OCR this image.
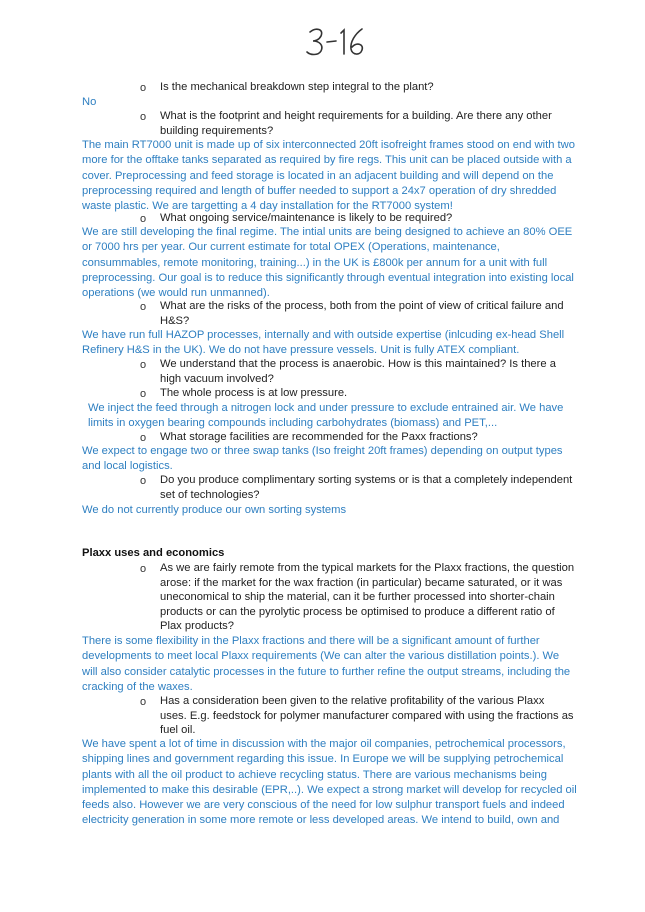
o Is the mechanical breakdown step integral to the plant?
No
o What is the footprint and height requirements for a building. Are there any other
building requirements?
The main RT7000 unit is made up of six interconnected 20ft isofreight frames stood on end with two
more for the offtake tanks separated as required by fire regs. This unit can be placed outside with a
cover. Preprocessing and feed storage is located in an adjacent building and will depend on the
preprocessing required and length of buffer needed to support a 24x7 operation of dry shredded
waste plastic. We are targetting a 4 day installation for the RT7000 system!
o What ongoing service/maintenance is likely to be required?
We are still developing the final regime. The intial units are being designed to achieve an 80% OEE
or 7000 hrs per year. Our current estimate for total OPEX (Operations, maintenance,
consummables, remote monitoring, training...) in the UK is £800k per annum for a unit with full
preprocessing. Our goal is to reduce this significantly through eventual integration into existing local
operations (we would run unmanned).
o What are the risks of the process, both from the point of view of critical failure and
H&S?
We have run full HAZOP processes, internally and with outside expertise (inlcuding ex-head Shell
Refinery H&S in the UK). We do not have pressure vessels. Unit is fully ATEX compliant.
o We understand that the process is anaerobic. How is this maintained? Is there a
high vacuum involved?
o The whole process is at low pressure.
We inject the feed through a nitrogen lock and under pressure to exclude entrained air. We have
limits in oxygen bearing compounds including carbohydrates (biomass) and PET,...
o What storage facilities are recommended for the Paxx fractions?
We expect to engage two or three swap tanks (Iso freight 20ft frames) depending on output types
and local logistics.
o Do you produce complimentary sorting systems or is that a completely independent
set of technologies?
We do not currently produce our own sorting systems
Plaxx uses and economics
o As we are fairly remote from the typical markets for the Plaxx fractions, the question
arose: if the market for the wax fraction (in particular) became saturated, or it was
uneconomical to ship the material, can it be further processed into shorter-chain
products or can the pyrolytic process be optimised to produce a different ratio of
Plax products?
There is some flexibility in the Plaxx fractions and there will be a significant amount of further
developments to meet local Plaxx requirements (We can alter the various distillation points.). We
will also consider catalytic processes in the future to further refine the output streams, including the
cracking of the waxes.
o Has a consideration been given to the relative profitability of the various Plaxx
uses. E.g. feedstock for polymer manufacturer compared with using the fractions as
fuel oil.
We have spent a lot of time in discussion with the major oil companies, petrochemical processors,
shipping lines and government regarding this issue. In Europe we will be supplying petrochemical
plants with all the oil product to achieve recycling status. There are various mechanisms being
implemented to make this desirable (EPR,..). We expect a strong market will develop for recycled oil
feeds also. However we are very conscious of the need for low sulphur transport fuels and indeed
electricity generation in some more remote or less developed areas. We intend to build, own and
